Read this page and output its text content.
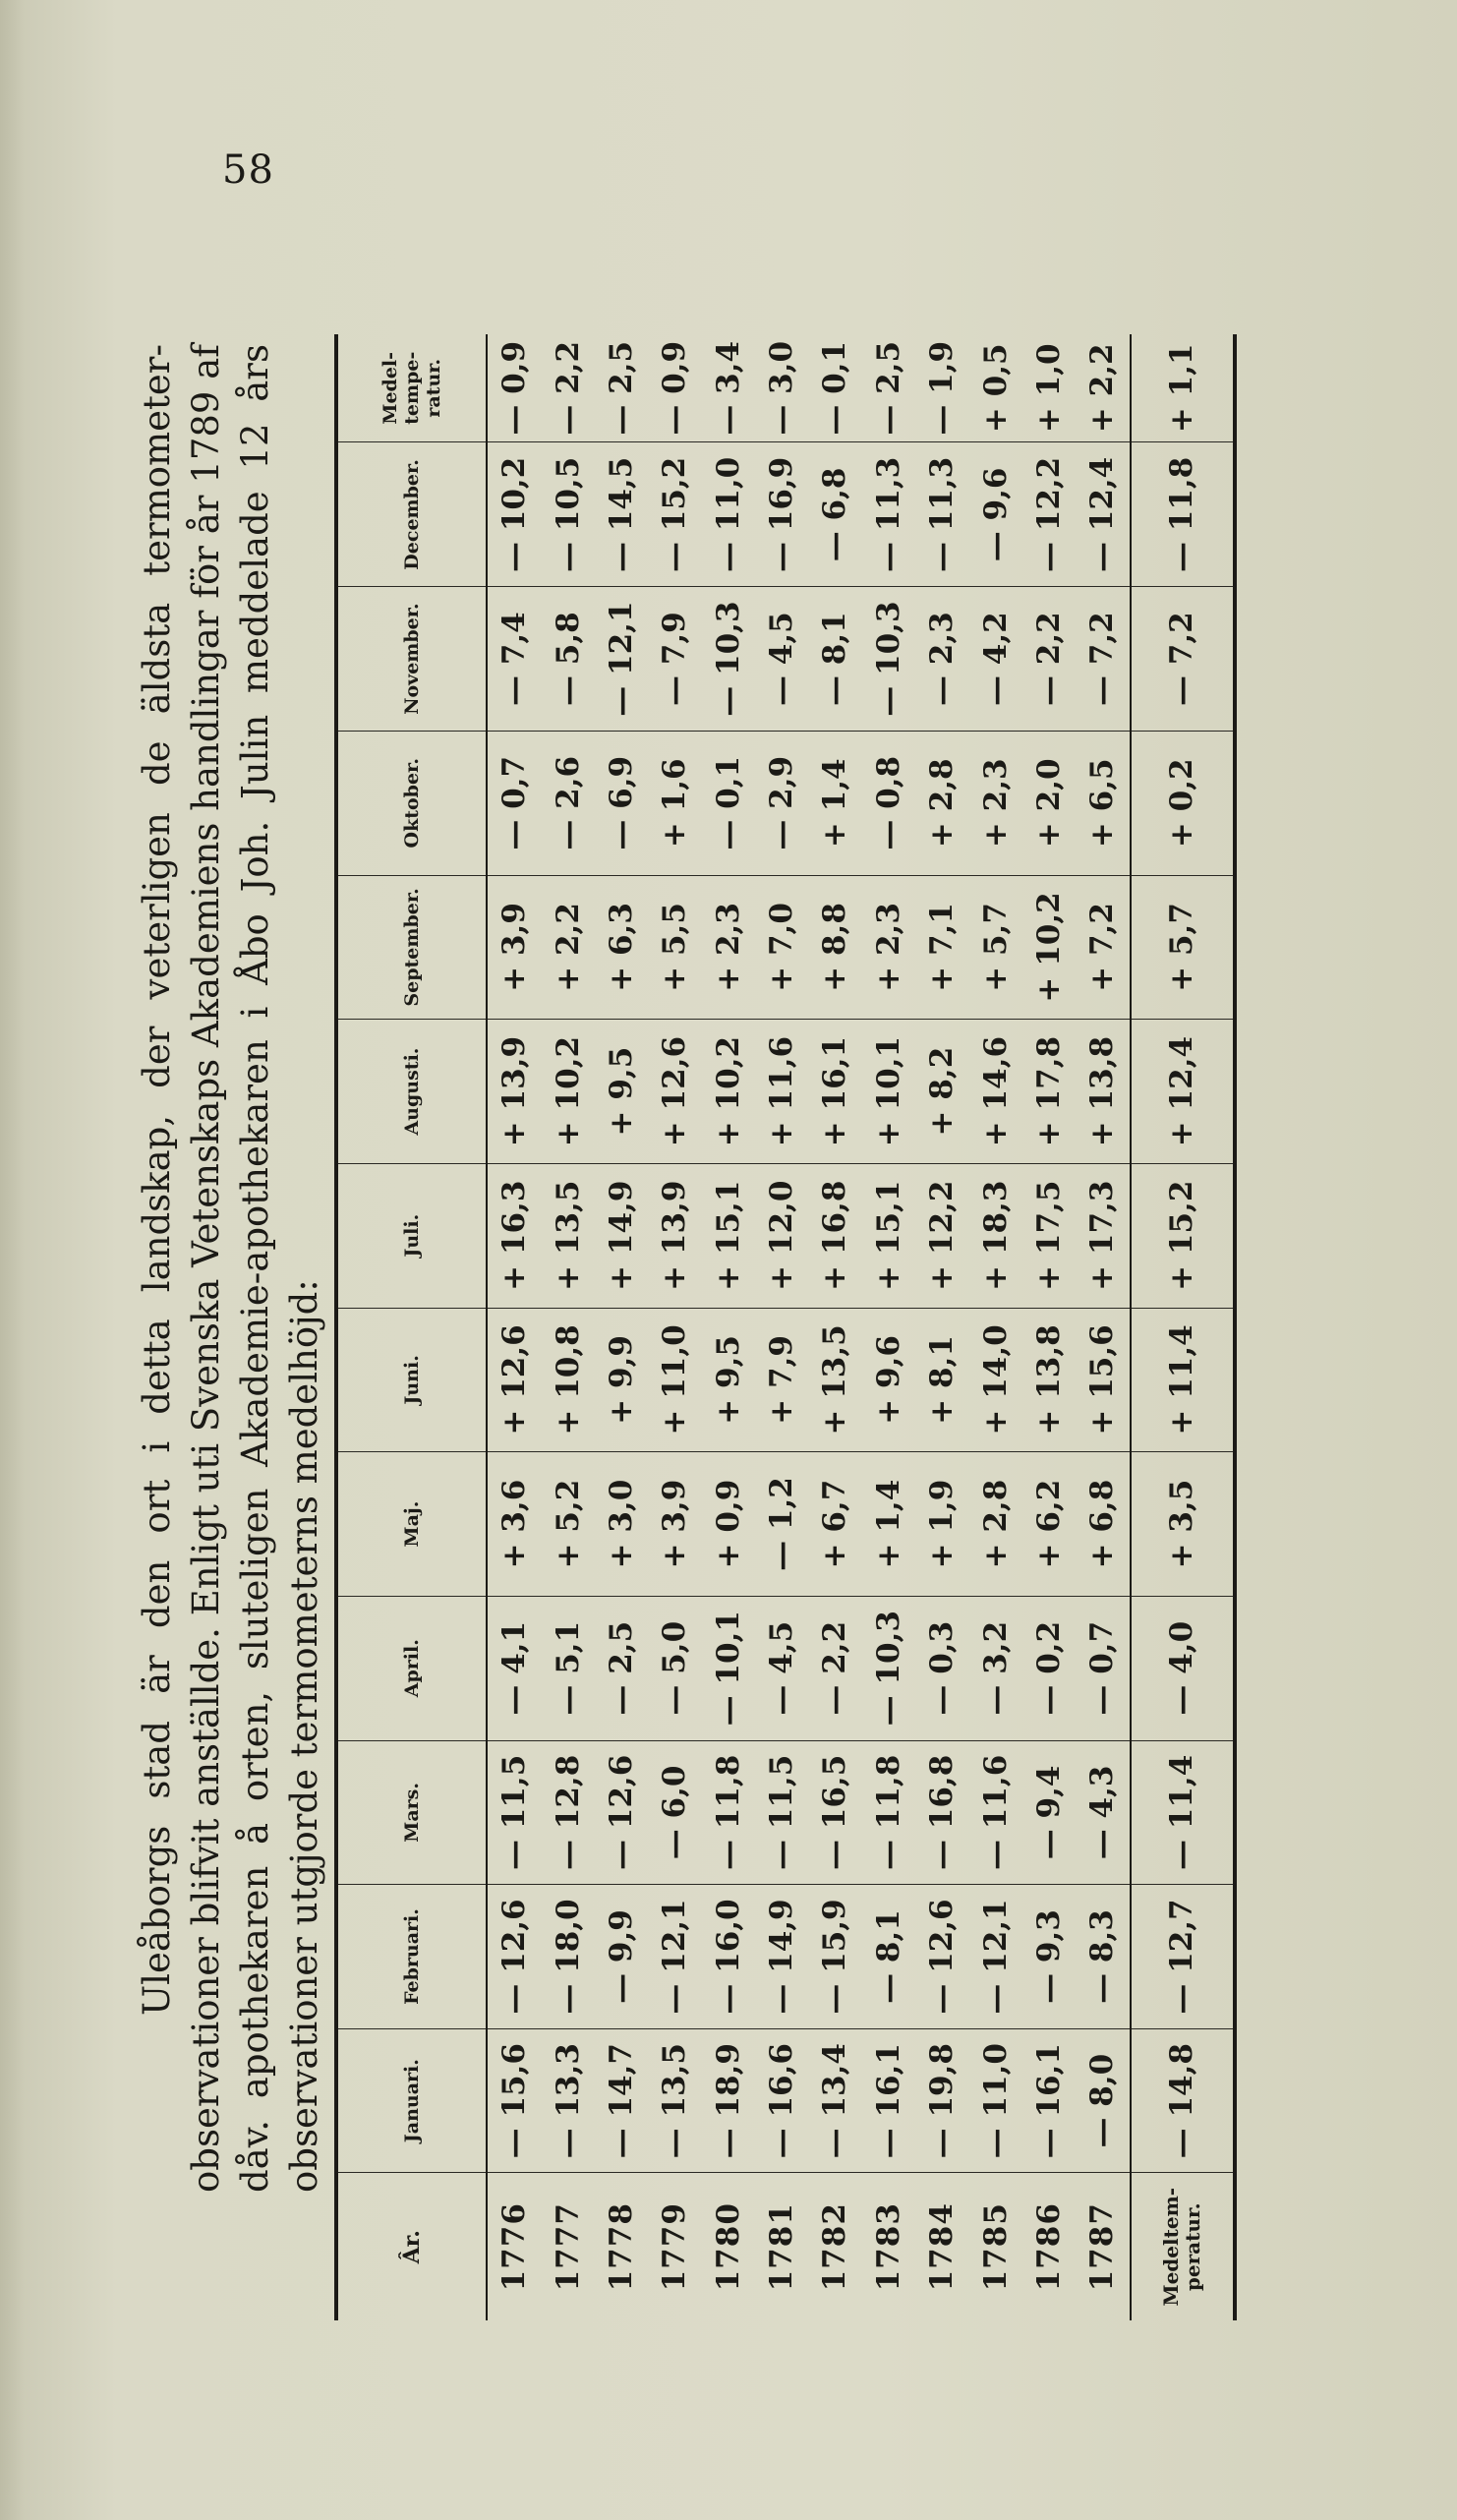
58

Uleåborgs stad är den ort i detta landskap, der veterligen de äldsta termometer-observationer blifvit anställde. Enligt uti Svenska Vetenskaps Akademiens handlingar för år 1789 af dåv. apothekaren å orten, sluteligen Akademie-apothekaren i Åbo Joh. Julin meddelade 12 års observationer utgjorde termometerns medelhöjd:

Âr.	Januari.	Februari.	Mars.	April.	Maj.	Juni.	Juli.	Augusti.	September.	Oktober.	November.	December.	Medel-tempe-ratur.
1776	— 15,6	— 12,6	— 11,5	— 4,1	+ 3,6	+ 12,6	+ 16,3	+ 13,9	+ 3,9	— 0,7	— 7,4	— 10,2	— 0,9
1777	— 13,3	— 18,0	— 12,8	— 5,1	+ 5,2	+ 10,8	+ 13,5	+ 10,2	+ 2,2	— 2,6	— 5,8	— 10,5	— 2,2
1778	— 14,7	— 9,9	— 12,6	— 2,5	+ 3,0	+ 9,9	+ 14,9	+ 9,5	+ 6,3	— 6,9	— 12,1	— 14,5	— 2,5
1779	— 13,5	— 12,1	— 6,0	— 5,0	+ 3,9	+ 11,0	+ 13,9	+ 12,6	+ 5,5	+ 1,6	— 7,9	— 15,2	— 0,9
1780	— 18,9	— 16,0	— 11,8	— 10,1	+ 0,9	+ 9,5	+ 15,1	+ 10,2	+ 2,3	— 0,1	— 10,3	— 11,0	— 3,4
1781	— 16,6	— 14,9	— 11,5	— 4,5	— 1,2	+ 7,9	+ 12,0	+ 11,6	+ 7,0	— 2,9	— 4,5	— 16,9	— 3,0
1782	— 13,4	— 15,9	— 16,5	— 2,2	+ 6,7	+ 13,5	+ 16,8	+ 16,1	+ 8,8	+ 1,4	— 8,1	— 6,8	— 0,1
1783	— 16,1	— 8,1	— 11,8	— 10,3	+ 1,4	+ 9,6	+ 15,1	+ 10,1	+ 2,3	— 0,8	— 10,3	— 11,3	— 2,5
1784	— 19,8	— 12,6	— 16,8	— 0,3	+ 1,9	+ 8,1	+ 12,2	+ 8,2	+ 7,1	+ 2,8	— 2,3	— 11,3	— 1,9
1785	— 11,0	— 12,1	— 11,6	— 3,2	+ 2,8	+ 14,0	+ 18,3	+ 14,6	+ 5,7	+ 2,3	— 4,2	— 9,6	+ 0,5
1786	— 16,1	— 9,3	— 9,4	— 0,2	+ 6,2	+ 13,8	+ 17,5	+ 17,8	+ 10,2	+ 2,0	— 2,2	— 12,2	+ 1,0
1787	— 8,0	— 8,3	— 4,3	— 0,7	+ 6,8	+ 15,6	+ 17,3	+ 13,8	+ 7,2	+ 6,5	— 7,2	— 12,4	+ 2,2
Medeltem-peratur.	— 14,8	— 12,7	— 11,4	— 4,0	+ 3,5	+ 11,4	+ 15,2	+ 12,4	+ 5,7	+ 0,2	— 7,2	— 11,8	+ 1,1
